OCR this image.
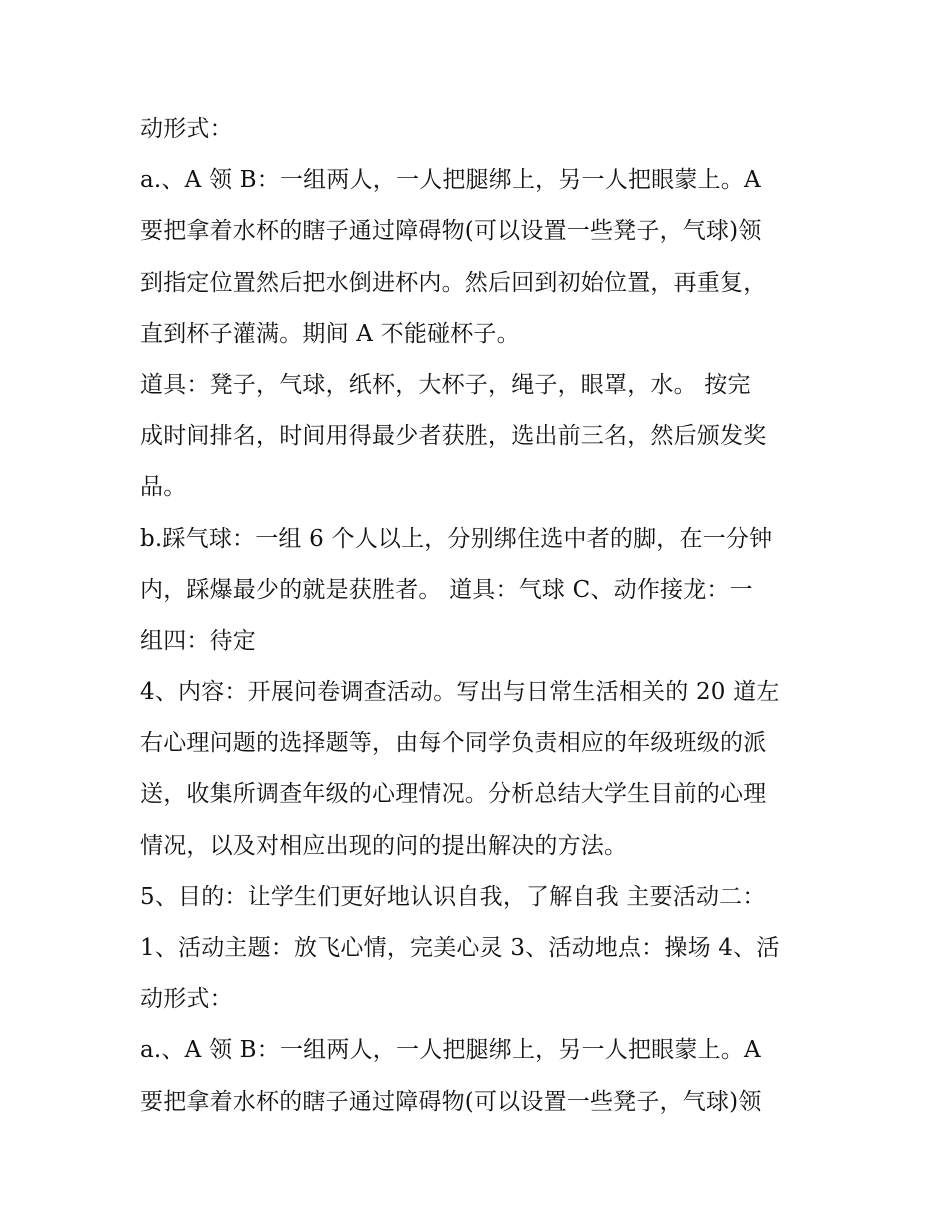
动形式：
a.、A 领 B：一组两人，一人把腿绑上，另一人把眼蒙上。A
要把拿着水杯的瞎子通过障碍物(可以设置一些凳子，气球)领
到指定位置然后把水倒进杯内。然后回到初始位置，再重复，
直到杯子灌满。期间 A 不能碰杯子。
道具：凳子，气球，纸杯，大杯子，绳子，眼罩，水。 按完
成时间排名，时间用得最少者获胜，选出前三名，然后颁发奖
品。
b.踩气球：一组 6 个人以上，分别绑住选中者的脚，在一分钟
内，踩爆最少的就是获胜者。 道具：气球 C、动作接龙：一
组四：待定
4、内容：开展问卷调查活动。写出与日常生活相关的 20 道左
右心理问题的选择题等，由每个同学负责相应的年级班级的派
送，收集所调查年级的心理情况。分析总结大学生目前的心理
情况，以及对相应出现的问的提出解决的方法。
5、目的：让学生们更好地认识自我，了解自我 主要活动二：
1、活动主题：放飞心情，完美心灵 3、活动地点：操场 4、活
动形式：
a.、A 领 B：一组两人，一人把腿绑上，另一人把眼蒙上。A
要把拿着水杯的瞎子通过障碍物(可以设置一些凳子，气球)领
